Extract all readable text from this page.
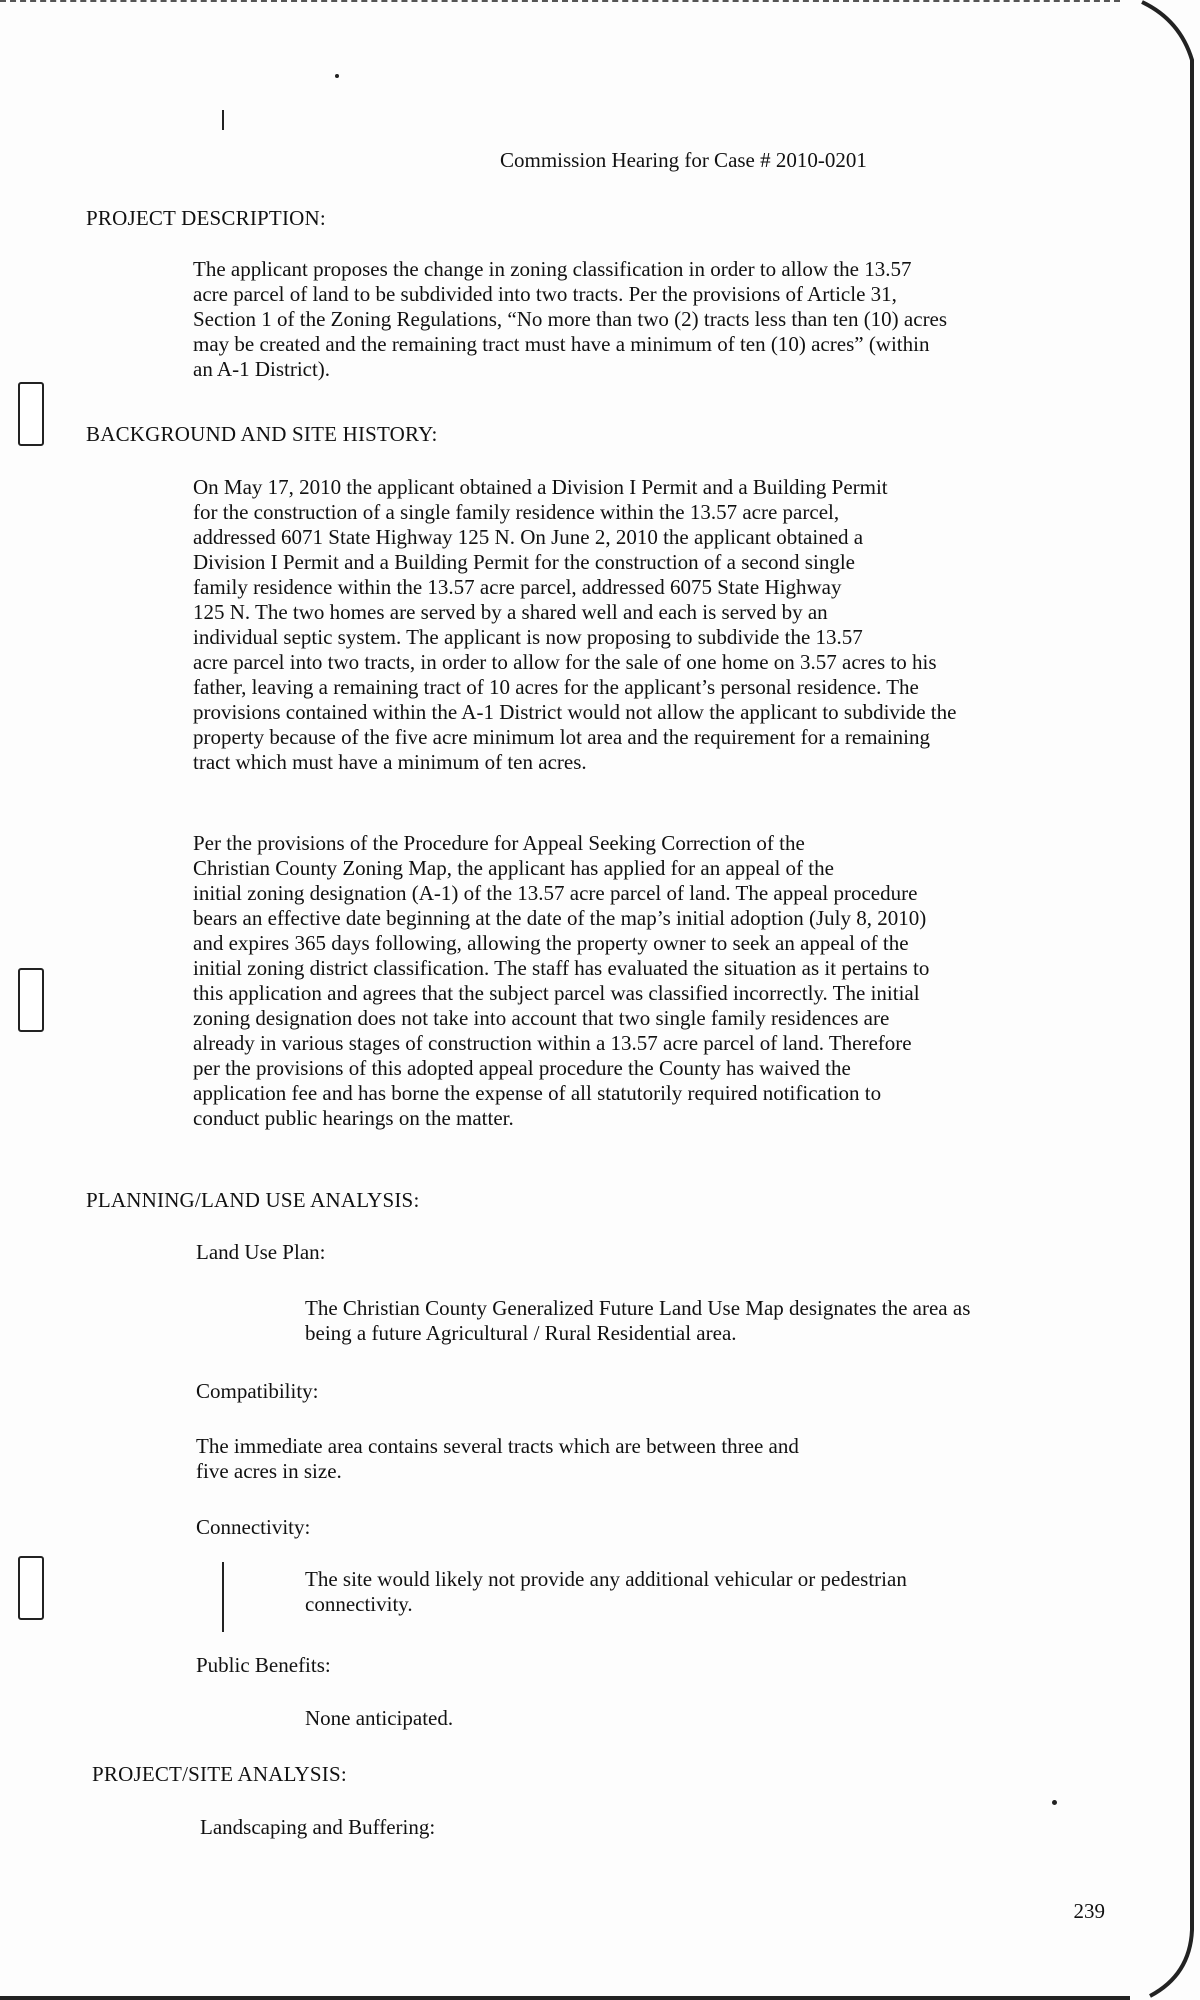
Commission Hearing for Case # 2010-0201
PROJECT DESCRIPTION:

The applicant proposes the change in zoning classification in order to allow the 13.57

acre parcel of land to be subdivided into two tracts. Per the provisions of Article 31,

Section 1 of the Zoning Regulations, “No more than two (2) tracts less than ten (10) acres

may be created and the remaining tract must have a minimum of ten (10) acres” (within

an A-1 District).

BACKGROUND AND SITE HISTORY:

On May 17, 2010 the applicant obtained a Division I Permit and a Building Permit

for the construction of a single family residence within the 13.57 acre parcel,

addressed 6071 State Highway 125 N. On June 2, 2010 the applicant obtained a

Division I Permit and a Building Permit for the construction of a second single

family residence within the 13.57 acre parcel, addressed 6075 State Highway

125 N. The two homes are served by a shared well and each is served by an

individual septic system. The applicant is now proposing to subdivide the 13.57

acre parcel into two tracts, in order to allow for the sale of one home on 3.57 acres to his

father, leaving a remaining tract of 10 acres for the applicant’s personal residence. The

provisions contained within the A-1 District would not allow the applicant to subdivide the

property because of the five acre minimum lot area and the requirement for a remaining

tract which must have a minimum of ten acres.

Per the provisions of the Procedure for Appeal Seeking Correction of the

Christian County Zoning Map, the applicant has applied for an appeal of the

initial zoning designation (A-1) of the 13.57 acre parcel of land. The appeal procedure

bears an effective date beginning at the date of the map’s initial adoption (July 8, 2010)

and expires 365 days following, allowing the property owner to seek an appeal of the

initial zoning district classification. The staff has evaluated the situation as it pertains to

this application and agrees that the subject parcel was classified incorrectly. The initial

zoning designation does not take into account that two single family residences are

already in various stages of construction within a 13.57 acre parcel of land. Therefore

per the provisions of this adopted appeal procedure the County has waived the

application fee and has borne the expense of all statutorily required notification to

conduct public hearings on the matter.

PLANNING/LAND USE ANALYSIS:
Land Use Plan:

The Christian County Generalized Future Land Use Map designates the area as

being a future Agricultural / Rural Residential area.

Compatibility:

The immediate area contains several tracts which are between three and

five acres in size.

Connectivity:

The site would likely not provide any additional vehicular or pedestrian

connectivity.

Public Benefits:
None anticipated.
PROJECT/SITE ANALYSIS:
Landscaping and Buffering:
239
